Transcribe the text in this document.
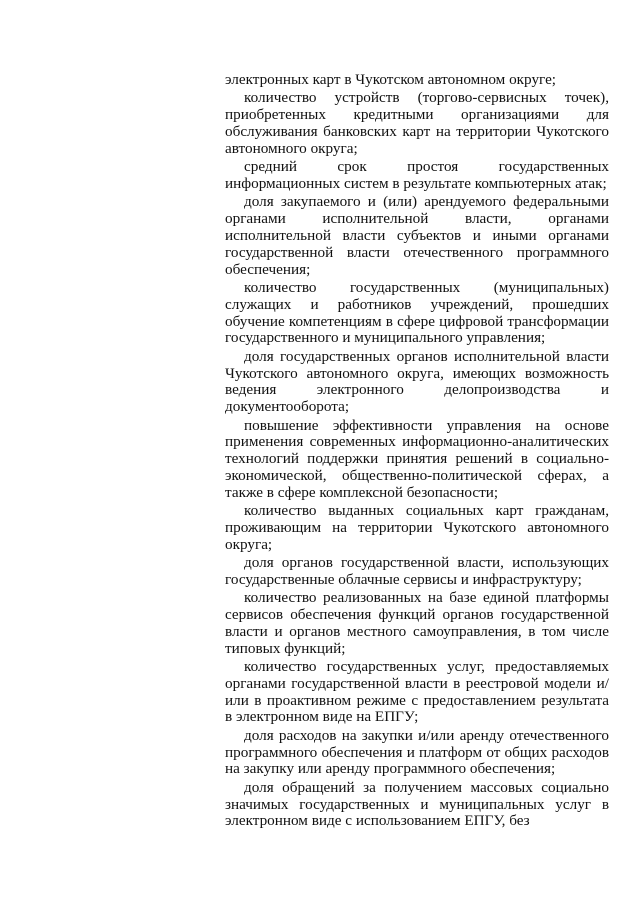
электронных карт в Чукотском автономном округе;

количество устройств (торгово-сервисных точек), приобретенных кредитными организациями для обслуживания банковских карт на территории Чукотского автономного округа;

средний срок простоя государственных информационных систем в результате компьютерных атак;

доля закупаемого и (или) арендуемого федеральными органами исполнительной власти, органами исполнительной власти субъектов и иными органами государственной власти отечественного программного обеспечения;

количество государственных (муниципальных) служащих и работников учреждений, прошедших обучение компетенциям в сфере цифровой трансформации государственного и муниципального управления;

доля государственных органов исполнительной власти Чукотского автономного округа, имеющих возможность ведения электронного делопроизводства и документооборота;

повышение эффективности управления на основе применения современных информационно-аналитических технологий поддержки принятия решений в социально-экономической, общественно-политической сферах, а также в сфере комплексной безопасности;

количество выданных социальных карт гражданам, проживающим на территории Чукотского автономного округа;

доля органов государственной власти, использующих государственные облачные сервисы и инфраструктуру;

количество реализованных на базе единой платформы сервисов обеспечения функций органов государственной власти и органов местного самоуправления, в том числе типовых функций;

количество государственных услуг, предоставляемых органами государственной власти в реестровой модели и/или в проактивном режиме с предоставлением результата в электронном виде на ЕПГУ;

доля расходов на закупки и/или аренду отечественного программного обеспечения и платформ от общих расходов на закупку или аренду программного обеспечения;

доля обращений за получением массовых социально значимых государственных и муниципальных услуг в электронном виде с использованием ЕПГУ, без
